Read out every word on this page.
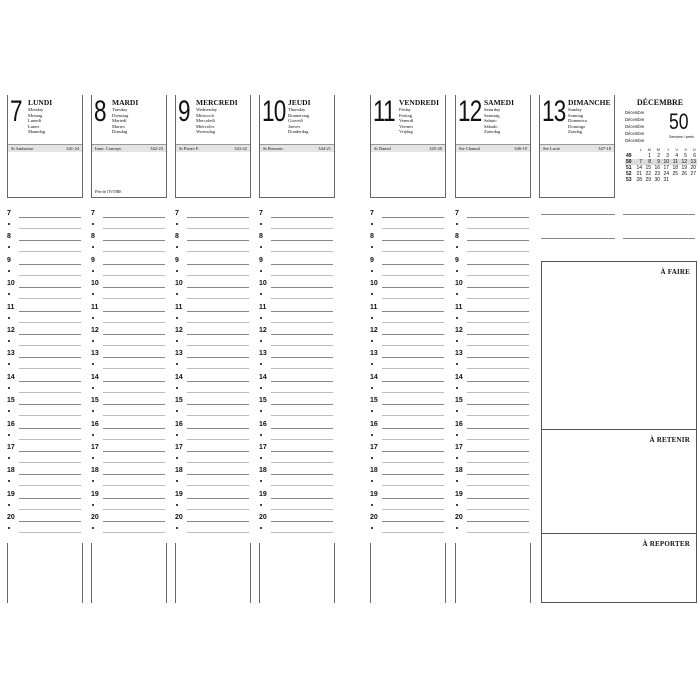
7 LUNDI
Monday
Montag
Lunedì
Lunes
Maandag
St Ambroise	341-24
7
8
9
10
11
12
13
14
15
16
17
18
19
20
8 MARDI
Tuesday
Dienstag
Martedì
Martes
Dinsdag
Imm. Concept.	342-23
Fête de l'IVOIRE
7
8
9
10
11
12
13
14
15
16
17
18
19
20
9 MERCREDI
Wednesday
Mittwoch
Mercoledì
Miércoles
Woensdag
St Pierre F.	343-22
7
8
9
10
11
12
13
14
15
16
17
18
19
20
10 JEUDI
Thursday
Donnerstag
Giovedì
Jueves
Donderdag
St Romaric	344-21
7
8
9
10
11
12
13
14
15
16
17
18
19
20
11 VENDREDI
Friday
Freitag
Venerdì
Viernes
Vrijdag
St Daniel	345-20
7
8
9
10
11
12
13
14
15
16
17
18
19
20
12 SAMEDI
Saturday
Samstag
Sabato
Sábado
Zaterdag
Ste Chantal	346-19
7
8
9
10
11
12
13
14
15
16
17
18
19
20
13 DIMANCHE
Sunday
Sonntag
Domenica
Domingo
Zondag
Ste Lucie	347-18
DÉCEMBRE
Décembre
Décembre
Décembre
Décembre
Décembre
50
Semaine / week
	L	M	M	J	V	S	D
49		1	2	3	4	5	6
50	7	8	9	10	11	12	13
51	14	15	16	17	18	19	20
52	21	22	23	24	25	26	27
53	28	29	30	31			
À FAIRE
À RETENIR
À REPORTER
